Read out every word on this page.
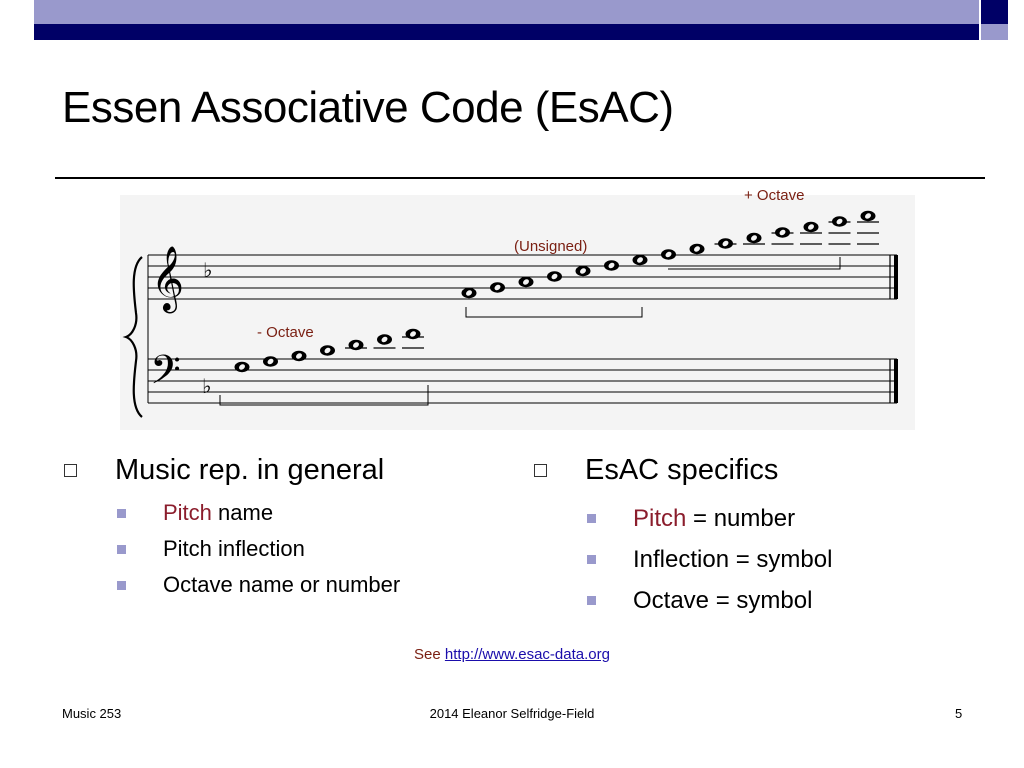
Essen Associative Code (EsAC)
𝄞
𝄢
♭
♭
+ Octave
(Unsigned)
- Octave
Music rep. in general
Pitch name
Pitch inflection
Octave name or number
EsAC specifics
Pitch = number
Inflection = symbol
Octave = symbol
See http://www.esac-data.org
Music 253	2014 Eleanor Selfridge-Field	5
